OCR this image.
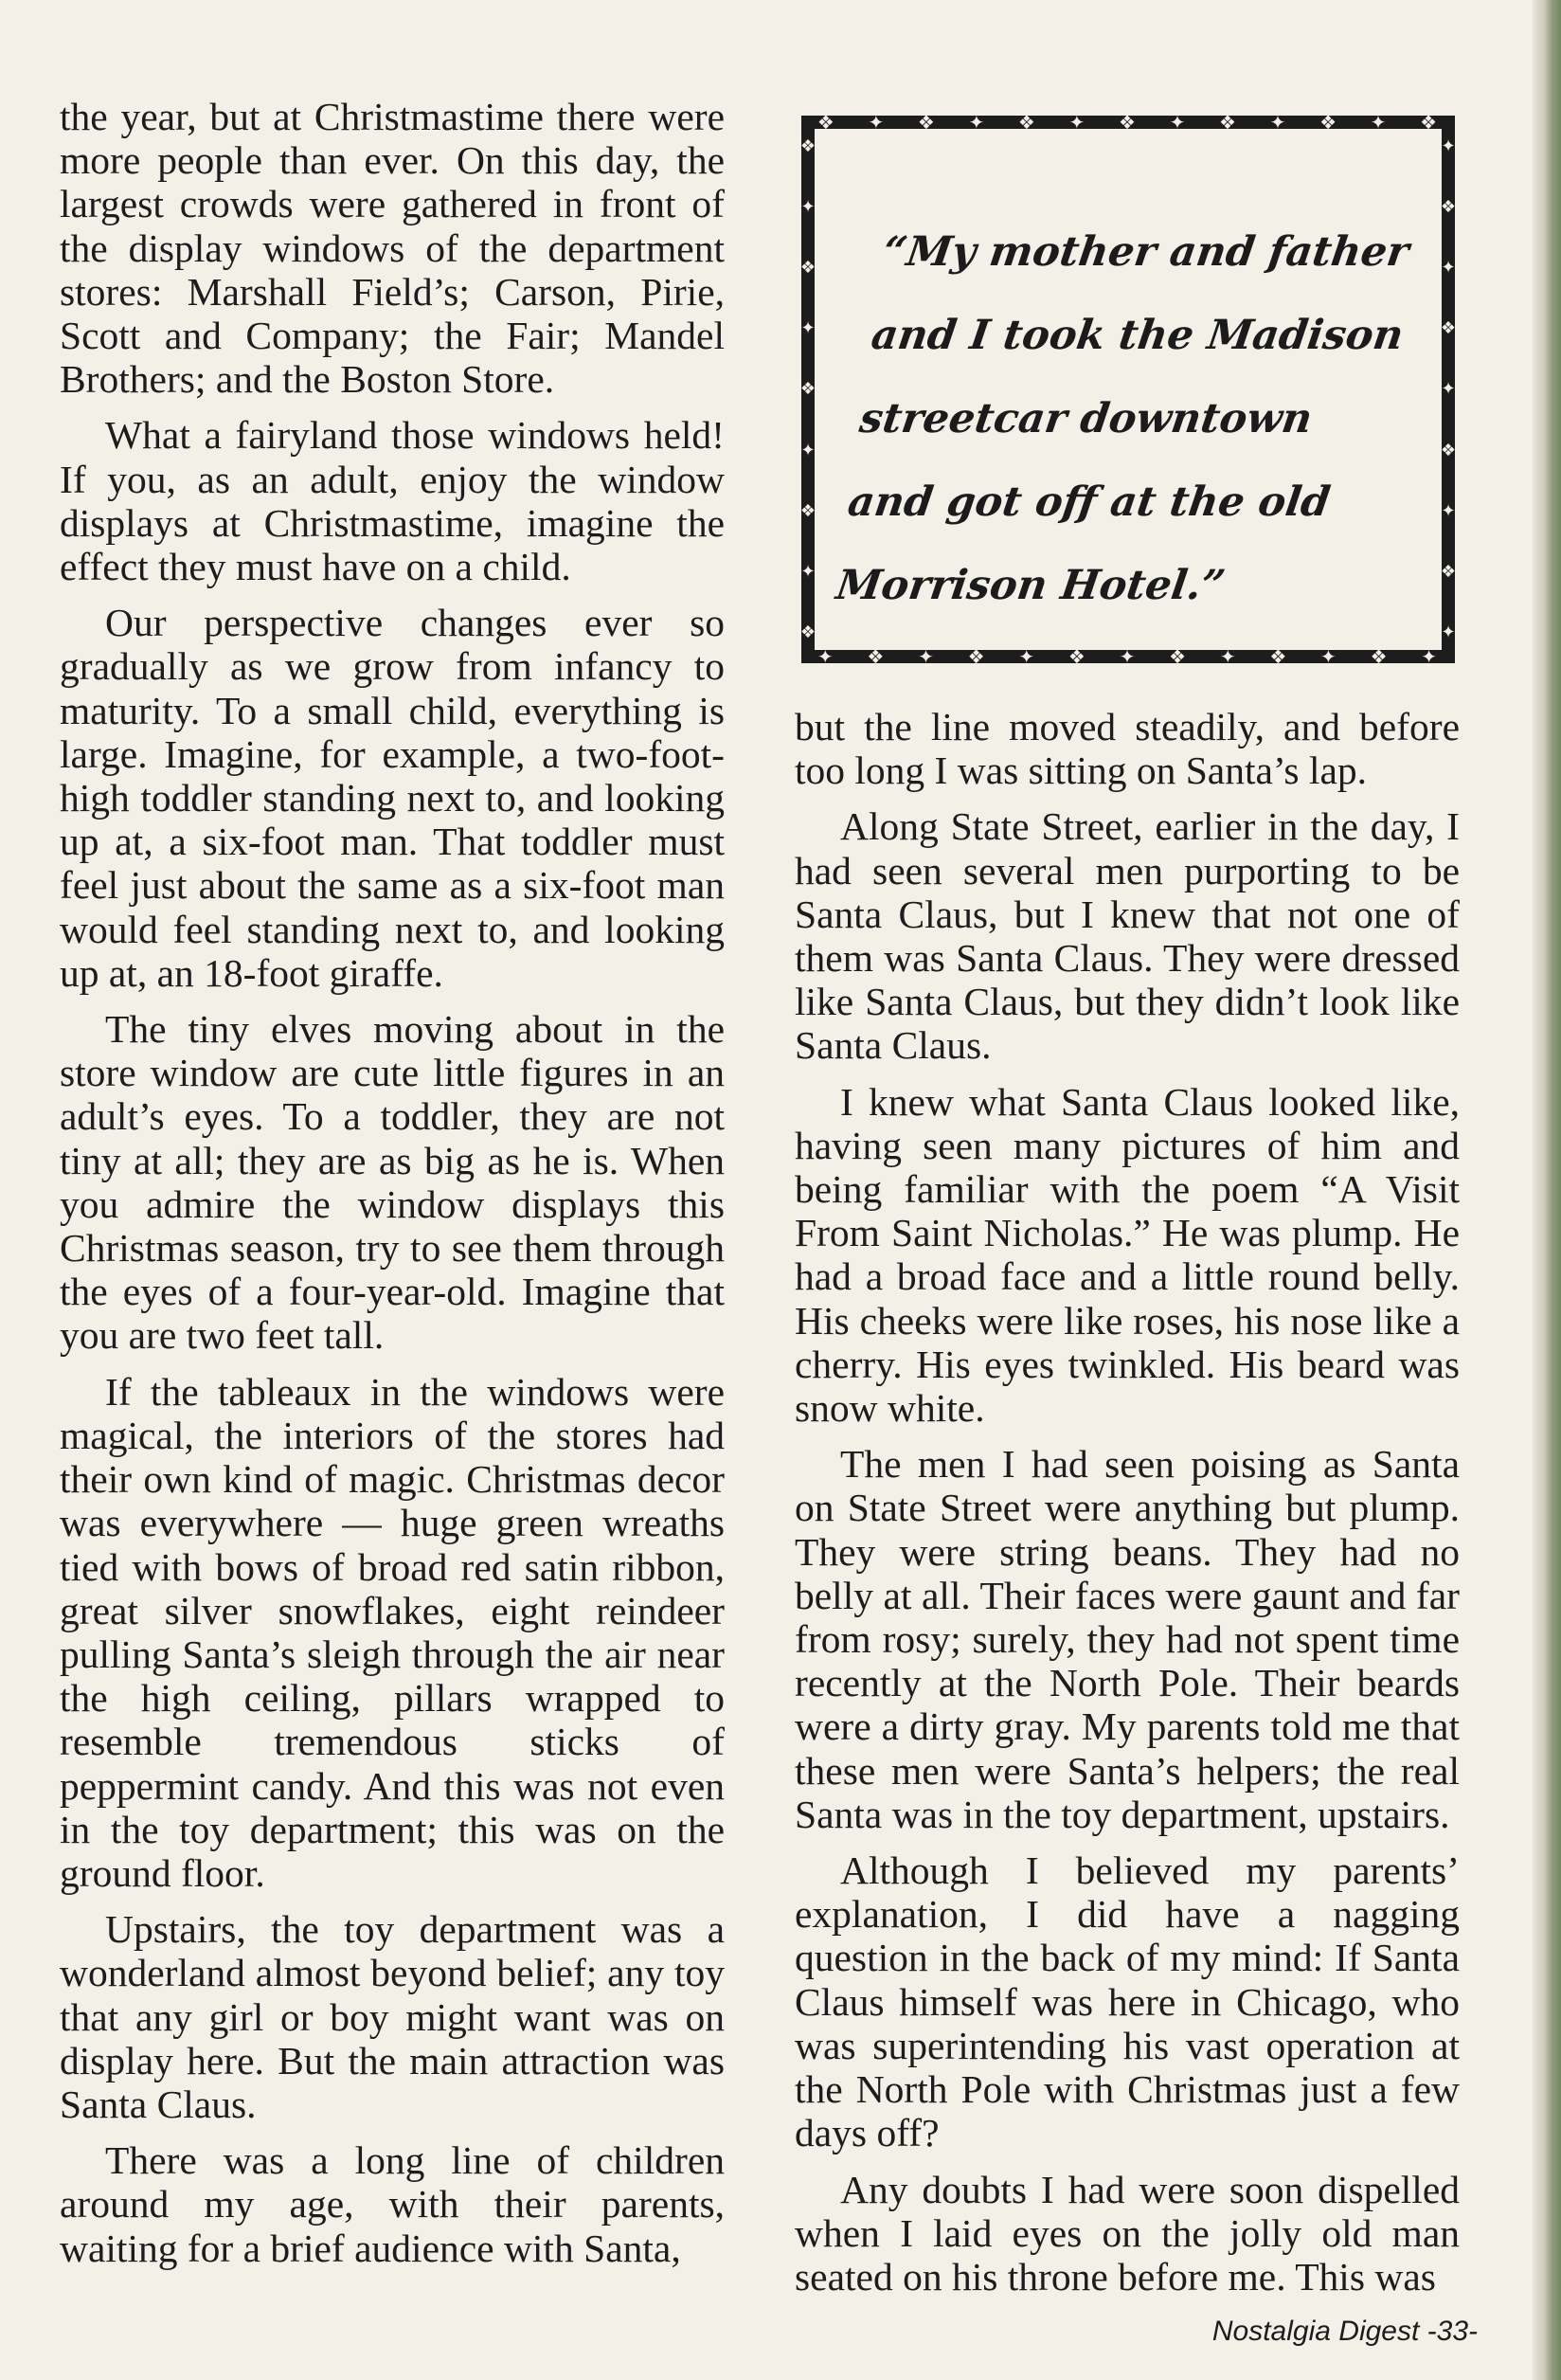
the year, but at Christmastime there were more people than ever. On this day, the largest crowds were gathered in front of the display windows of the department stores: Marshall Field’s; Carson, Pirie, Scott and Company; the Fair; Mandel Brothers; and the Boston Store.

What a fairyland those windows held! If you, as an adult, enjoy the window displays at Christmastime, imagine the effect they must have on a child.

Our perspective changes ever so gradually as we grow from infancy to maturity. To a small child, everything is large. Imagine, for example, a two-foot-high toddler standing next to, and looking up at, a six-foot man. That toddler must feel just about the same as a six-foot man would feel standing next to, and looking up at, an 18-foot giraffe.

The tiny elves moving about in the store window are cute little figures in an adult’s eyes. To a toddler, they are not tiny at all; they are as big as he is. When you admire the window displays this Christmas season, try to see them through the eyes of a four-year-old. Imagine that you are two feet tall.

If the tableaux in the windows were magical, the interiors of the stores had their own kind of magic. Christmas decor was everywhere — huge green wreaths tied with bows of broad red satin ribbon, great silver snowflakes, eight reindeer pulling Santa’s sleigh through the air near the high ceiling, pillars wrapped to resemble tremendous sticks of peppermint candy. And this was not even in the toy department; this was on the ground floor.

Upstairs, the toy department was a wonderland almost beyond belief; any toy that any girl or boy might want was on display here. But the main attraction was Santa Claus.

There was a long line of children around my age, with their parents, waiting for a brief audience with Santa,

❖ ✦ ❖ ✦ ❖ ✦ ❖ ✦ ❖ ✦ ❖ ✦ ❖
✦ ❖ ✦ ❖ ✦ ❖ ✦ ❖ ✦ ❖ ✦ ❖ ✦
❖
✦
❖
✦
❖
✦
❖
✦
❖
✦
❖
✦
❖
✦
❖
✦
❖
✦
“My mother and father
and I took the Madison
streetcar downtown
and got off at the old
Morrison Hotel.”

but the line moved steadily, and before too long I was sitting on Santa’s lap.

Along State Street, earlier in the day, I had seen several men purporting to be Santa Claus, but I knew that not one of them was Santa Claus. They were dressed like Santa Claus, but they didn’t look like Santa Claus.

I knew what Santa Claus looked like, having seen many pictures of him and being familiar with the poem “A Visit From Saint Nicholas.” He was plump. He had a broad face and a little round belly. His cheeks were like roses, his nose like a cherry. His eyes twinkled. His beard was snow white.

The men I had seen poising as Santa on State Street were anything but plump. They were string beans. They had no belly at all. Their faces were gaunt and far from rosy; surely, they had not spent time recently at the North Pole. Their beards were a dirty gray. My parents told me that these men were Santa’s helpers; the real Santa was in the toy department, upstairs.

Although I believed my parents’ explanation, I did have a nagging question in the back of my mind: If Santa Claus himself was here in Chicago, who was superintending his vast operation at the North Pole with Christmas just a few days off?

Any doubts I had were soon dispelled when I laid eyes on the jolly old man seated on his throne before me. This was

Nostalgia Digest -33-
